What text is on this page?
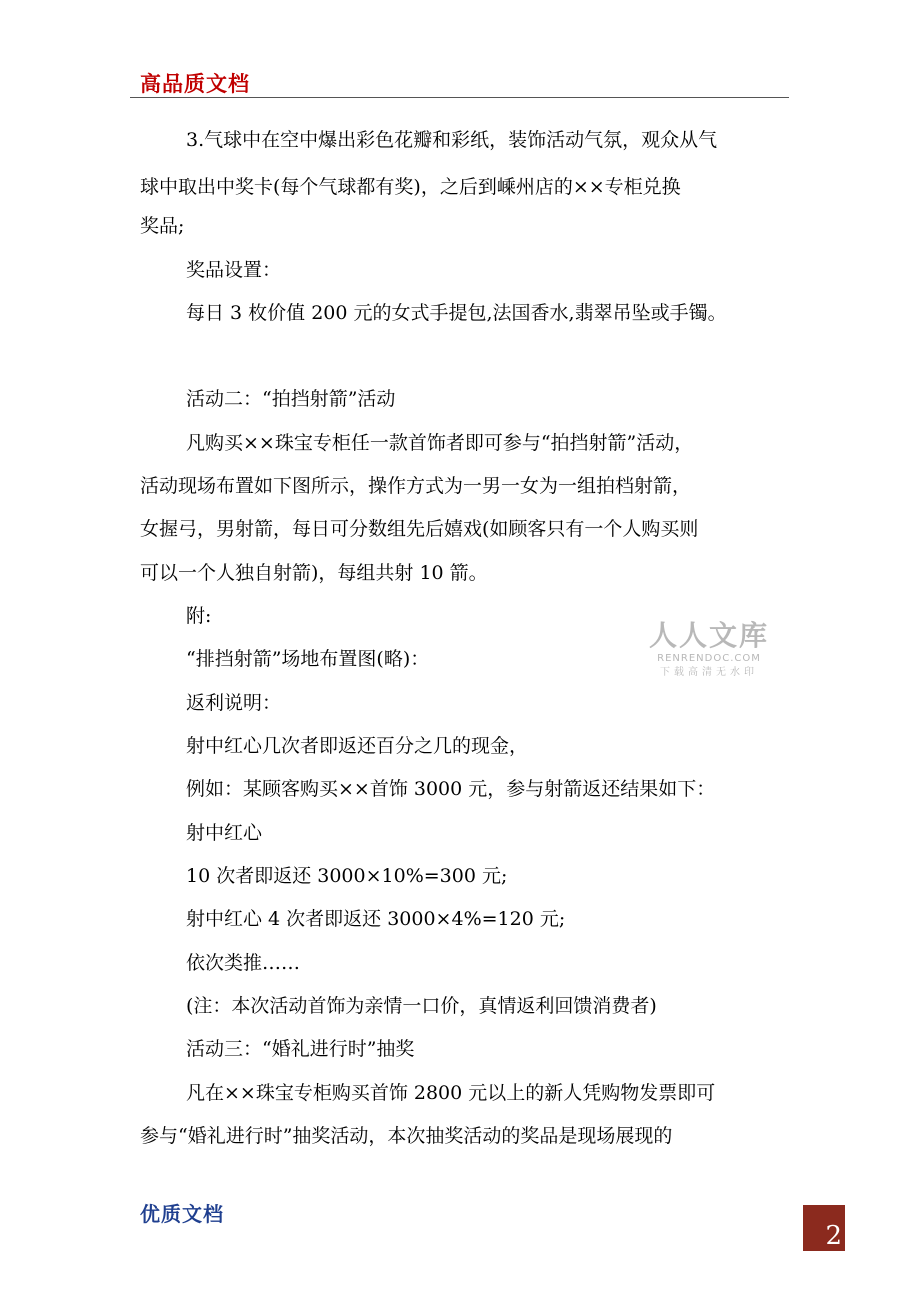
高品质文档
3.气球中在空中爆出彩色花瓣和彩纸，装饰活动气氛，观众从气
球中取出中奖卡(每个气球都有奖)，之后到嵊州店的××专柜兑换
奖品;
奖品设置：
每日 3 枚价值 200 元的女式手提包,法国香水,翡翠吊坠或手镯。
活动二：“拍挡射箭”活动
凡购买××珠宝专柜任一款首饰者即可参与“拍挡射箭”活动，
活动现场布置如下图所示，操作方式为一男一女为一组拍档射箭，
女握弓，男射箭，每日可分数组先后嬉戏(如顾客只有一个人购买则
可以一个人独自射箭)，每组共射 10 箭。
附:
“排挡射箭”场地布置图(略)：
返利说明：
射中红心几次者即返还百分之几的现金，
例如：某顾客购买××首饰 3000 元，参与射箭返还结果如下：
射中红心
10 次者即返还 3000×10%=300 元;
射中红心 4 次者即返还 3000×4%=120 元;
依次类推……
(注：本次活动首饰为亲情一口价，真情返利回馈消费者)
活动三：“婚礼进行时”抽奖
凡在××珠宝专柜购买首饰 2800 元以上的新人凭购物发票即可
参与“婚礼进行时”抽奖活动，本次抽奖活动的奖品是现场展现的
人人文库
RENRENDOC.COM
下载高清无水印
优质文档
2
